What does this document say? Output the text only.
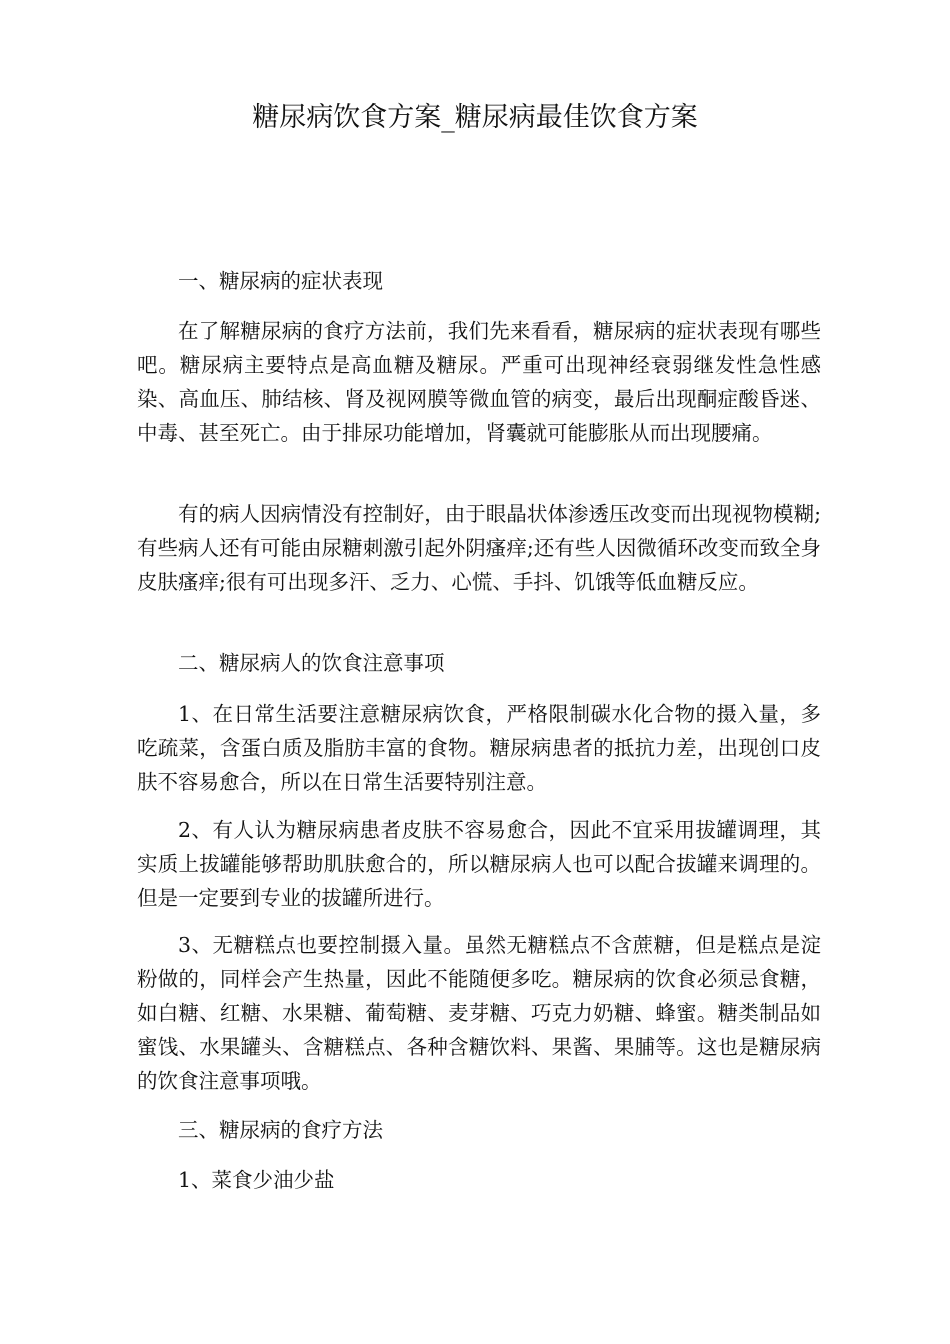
糖尿病饮食方案_糖尿病最佳饮食方案

一、糖尿病的症状表现

在了解糖尿病的食疗方法前，我们先来看看，糖尿病的症状表现有哪些吧。糖尿病主要特点是高血糖及糖尿。严重可出现神经衰弱继发性急性感染、高血压、肺结核、肾及视网膜等微血管的病变，最后出现酮症酸昏迷、中毒、甚至死亡。由于排尿功能增加，肾囊就可能膨胀从而出现腰痛。

有的病人因病情没有控制好，由于眼晶状体渗透压改变而出现视物模糊;有些病人还有可能由尿糖刺激引起外阴瘙痒;还有些人因微循环改变而致全身皮肤瘙痒;很有可出现多汗、乏力、心慌、手抖、饥饿等低血糖反应。

二、糖尿病人的饮食注意事项

1、在日常生活要注意糖尿病饮食，严格限制碳水化合物的摄入量，多吃疏菜，含蛋白质及脂肪丰富的食物。糖尿病患者的抵抗力差，出现创口皮肤不容易愈合，所以在日常生活要特别注意。

2、有人认为糖尿病患者皮肤不容易愈合，因此不宜采用拔罐调理，其实质上拔罐能够帮助肌肤愈合的，所以糖尿病人也可以配合拔罐来调理的。但是一定要到专业的拔罐所进行。

3、无糖糕点也要控制摄入量。虽然无糖糕点不含蔗糖，但是糕点是淀粉做的，同样会产生热量，因此不能随便多吃。糖尿病的饮食必须忌食糖，如白糖、红糖、水果糖、葡萄糖、麦芽糖、巧克力奶糖、蜂蜜。糖类制品如蜜饯、水果罐头、含糖糕点、各种含糖饮料、果酱、果脯等。这也是糖尿病的饮食注意事项哦。

三、糖尿病的食疗方法

1、菜食少油少盐
